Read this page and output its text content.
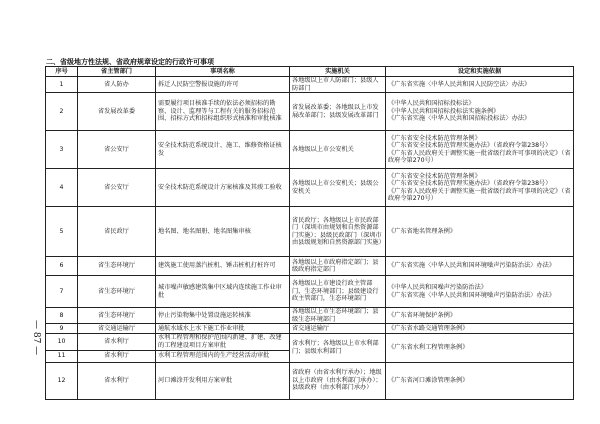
二、省级地方性法规、省政府规章设定的行政许可事项
— 87 —
序号	省主管部门	事项名称	实施机关	设定和实施依据
1	省人防办	拆迁人民防空警报设施的许可	各地级以上市人防部门；县级人防部门	《广东省实施〈中华人民共和国人民防空法〉办法》
2	省发展改革委	需要履行项目核准手续的依法必须招标的勘察、设计、监理等与工程有关的服务招标范围、招标方式和招标组织形式核准和审批核准	省发展改革委；各地级以上市发展改革部门；县级发展改革部门	《中华人民共和国招标投标法》
《中华人民共和国招标投标法实施条例》
《广东省实施〈中华人民共和国招标投标法〉办法》
3	省公安厅	安全技术防范系统设计、施工、维修资格证核发	各地级以上市公安机关	《广东省安全技术防范管理条例》
《广东省安全技术防范管理实施办法》（省政府令第238号）
《广东省人民政府关于调整实施一批省级行政许可事项的决定》（省政府令第270号）
4	省公安厅	安全技术防范系统设计方案核准及其竣工验收	各地级以上市公安机关；县级公安机关	《广东省安全技术防范管理条例》
《广东省安全技术防范管理实施办法》（省政府令第238号）
《广东省人民政府关于调整实施一批省级行政许可事项的决定》（省政府令第270号）
5	省民政厅	地名图、地名图册、地名图集审核	省民政厅；各地级以上市民政部门（深圳市由规划和自然资源部门实施）；县级民政部门（深圳市由县级规划和自然资源部门实施）	《广东省地名管理条例》
6	省生态环境厅	建筑施工使用蒸汽桩机、锤击桩机打桩许可	各地级以上市政府指定部门；县级政府指定部门	《广东省实施〈中华人民共和国环境噪声污染防治法〉办法》
7	省生态环境厅	城市噪声敏感建筑集中区域内连续施工作业审批	各地级以上市建设行政主管部门，生态环境部门；县级建设行政主管部门，生态环境部门	《中华人民共和国噪声污染防治法》
《广东省实施〈中华人民共和国环境噪声污染防治法〉办法》
8	省生态环境厅	停止污染物集中处置设施运转核准	各地级以上市生态环境部门；县级生态环境部门	《广东省环境保护条例》
9	省交通运输厅	通航水域水上水下施工作业审批	省交通运输厅	《广东省水路交通管理条例》
10	省水利厅	水利工程管理和保护范围内新建、扩建、改建的工程建设项目方案审批	省水利厅；各地级以上市水利部门；县级水利部门	《广东省水利工程管理条例》
11	省水利厅	水利工程管理范围内的生产经营活动审批		
12	省水利厅	河口滩涂开发利用方案审批	省政府（由省水利厅承办）；地级以上市政府（由水利部门承办）；县级政府（由水利部门承办）	《广东省河口滩涂管理条例》
